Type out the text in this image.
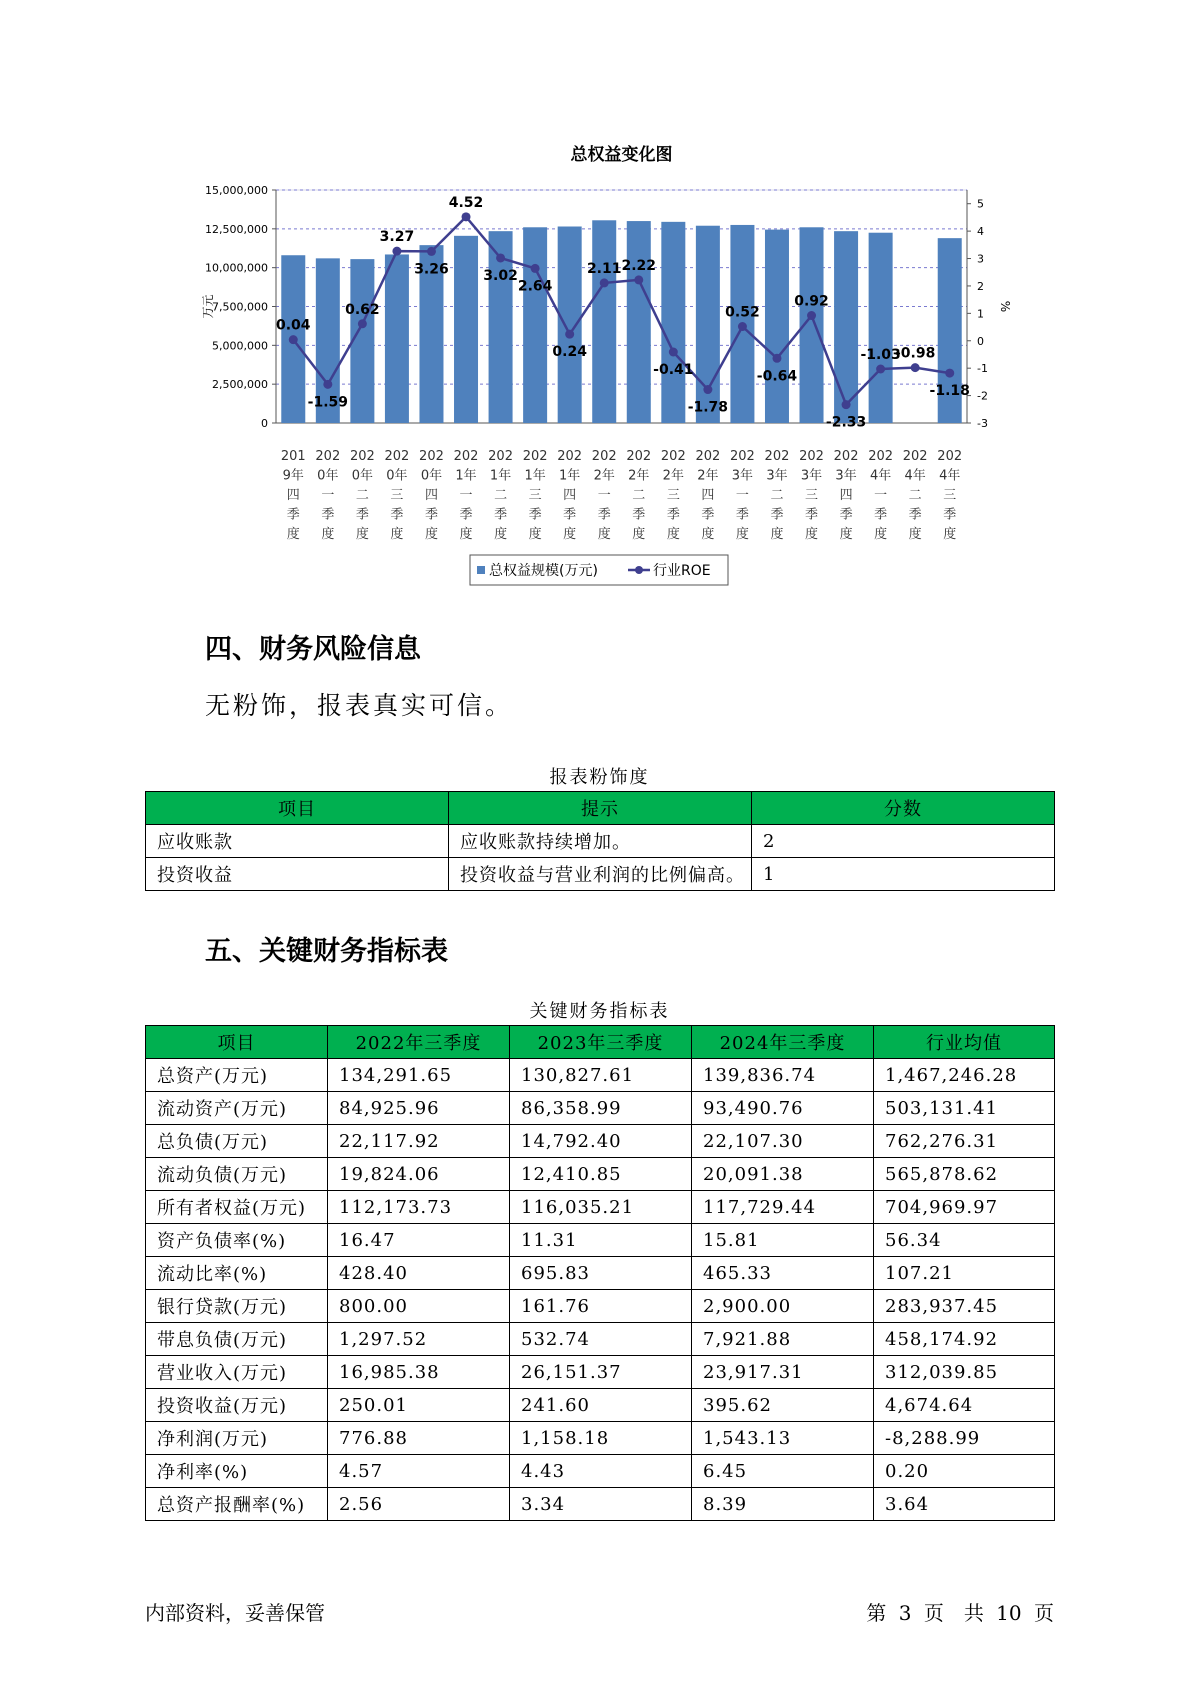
总权益变化图
0
2,500,000
5,000,000
7,500,000
10,000,000
12,500,000
15,000,000
-3
-2
-1
0
1
2
3
4
5
万元	%
0.04
-1.59
0.62
3.27
3.26
4.52
3.02
2.64
0.24
2.11 2.22
-0.41
-1.78
0.52
-0.64
0.92
-2.33
-1.03
-0.98
-1.18
201
9年
四
季
度
202
0年
一
季
度
202
0年
二
季
度
202
0年
三
季
度
202
0年
四
季
度
202
1年
一
季
度
202
1年
二
季
度
202
1年
三
季
度
202
1年
四
季
度
202
2年
一
季
度
202
2年
二
季
度
202
2年
三
季
度
202
2年
四
季
度
202
3年
一
季
度
202
3年
二
季
度
202
3年
三
季
度
202
3年
四
季
度
202
4年
一
季
度
202
4年
二
季
度
202
4年
三
季
度
总权益规模(万元)	行业ROE
四、财务风险信息
无粉饰，报表真实可信。
报表粉饰度
项目	提示	分数
应收账款	应收账款持续增加。	2
投资收益	投资收益与营业利润的比例偏高。	1
五、关键财务指标表
关键财务指标表
项目	2022年三季度	2023年三季度	2024年三季度	行业均值
总资产(万元)	134,291.65	130,827.61	139,836.74	1,467,246.28
流动资产(万元)	84,925.96	86,358.99	93,490.76	503,131.41
总负债(万元)	22,117.92	14,792.40	22,107.30	762,276.31
流动负债(万元)	19,824.06	12,410.85	20,091.38	565,878.62
所有者权益(万元)	112,173.73	116,035.21	117,729.44	704,969.97
资产负债率(%)	16.47	11.31	15.81	56.34
流动比率(%)	428.40	695.83	465.33	107.21
银行贷款(万元)	800.00	161.76	2,900.00	283,937.45
带息负债(万元)	1,297.52	532.74	7,921.88	458,174.92
营业收入(万元)	16,985.38	26,151.37	23,917.31	312,039.85
投资收益(万元)	250.01	241.60	395.62	4,674.64
净利润(万元)	776.88	1,158.18	1,543.13	-8,288.99
净利率(%)	4.57	4.43	6.45	0.20
总资产报酬率(%)	2.56	3.34	8.39	3.64
内部资料，妥善保管	第 3 页　共 10 页
